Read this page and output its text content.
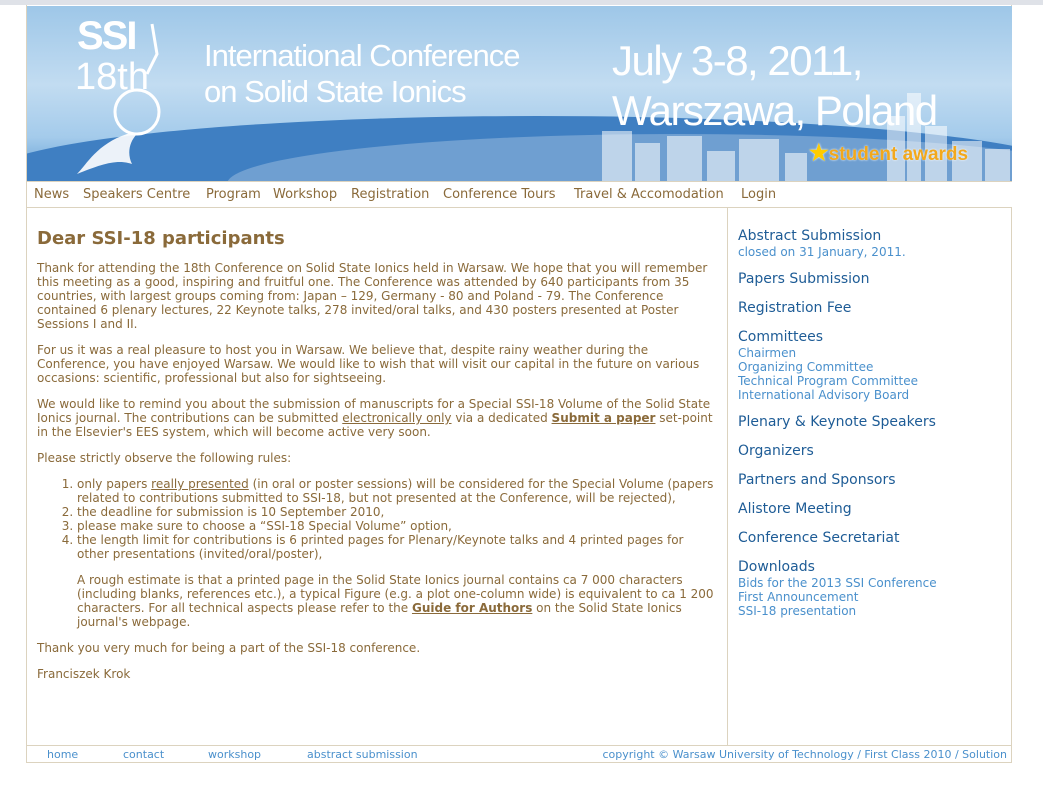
SSI
18th
International Conference
on Solid State Ionics
July 3-8, 2011, Warszawa, Poland
★student awards
News Speakers Centre Program Workshop Registration Conference Tours Travel & Accomodation Login
Dear SSI-18 participants

Thank for attending the 18th Conference on Solid State Ionics held in Warsaw. We hope that you will remember this meeting as a good, inspiring and fruitful one. The Conference was attended by 640 participants from 35 countries, with largest groups coming from: Japan – 129, Germany - 80 and Poland - 79. The Conference contained 6 plenary lectures, 22 Keynote talks, 278 invited/oral talks, and 430 posters presented at Poster Sessions I and II.

For us it was a real pleasure to host you in Warsaw. We believe that, despite rainy weather during the Conference, you have enjoyed Warsaw. We would like to wish that will visit our capital in the future on various occasions: scientific, professional but also for sightseeing.

We would like to remind you about the submission of manuscripts for a Special SSI-18 Volume of the Solid State Ionics journal. The contributions can be submitted electronically only via a dedicated Submit a paper set-point in the Elsevier's EES system, which will become active very soon.

Please strictly observe the following rules:

1. only papers really presented (in oral or poster sessions) will be considered for the Special Volume (papers related to contributions submitted to SSI-18, but not presented at the Conference, will be rejected),
2. the deadline for submission is 10 September 2010,
3. please make sure to choose a “SSI-18 Special Volume” option,
4. the length limit for contributions is 6 printed pages for Plenary/Keynote talks and 4 printed pages for other presentations (invited/oral/poster),

A rough estimate is that a printed page in the Solid State Ionics journal contains ca 7 000 characters (including blanks, references etc.), a typical Figure (e.g. a plot one-column wide) is equivalent to ca 1 200 characters. For all technical aspects please refer to the Guide for Authors on the Solid State Ionics journal's webpage.

Thank you very much for being a part of the SSI-18 conference.

Franciszek Krok

Abstract Submission
closed on 31 January, 2011.
Papers Submission
Registration Fee
Committees
Chairmen
Organizing Committee
Technical Program Committee
International Advisory Board
Plenary & Keynote Speakers
Organizers
Partners and Sponsors
Alistore Meeting
Conference Secretariat
Downloads
Bids for the 2013 SSI Conference
First Announcement
SSI-18 presentation
home	contact	workshop	abstract submission	copyright © Warsaw University of Technology / First Class 2010 / Solution
